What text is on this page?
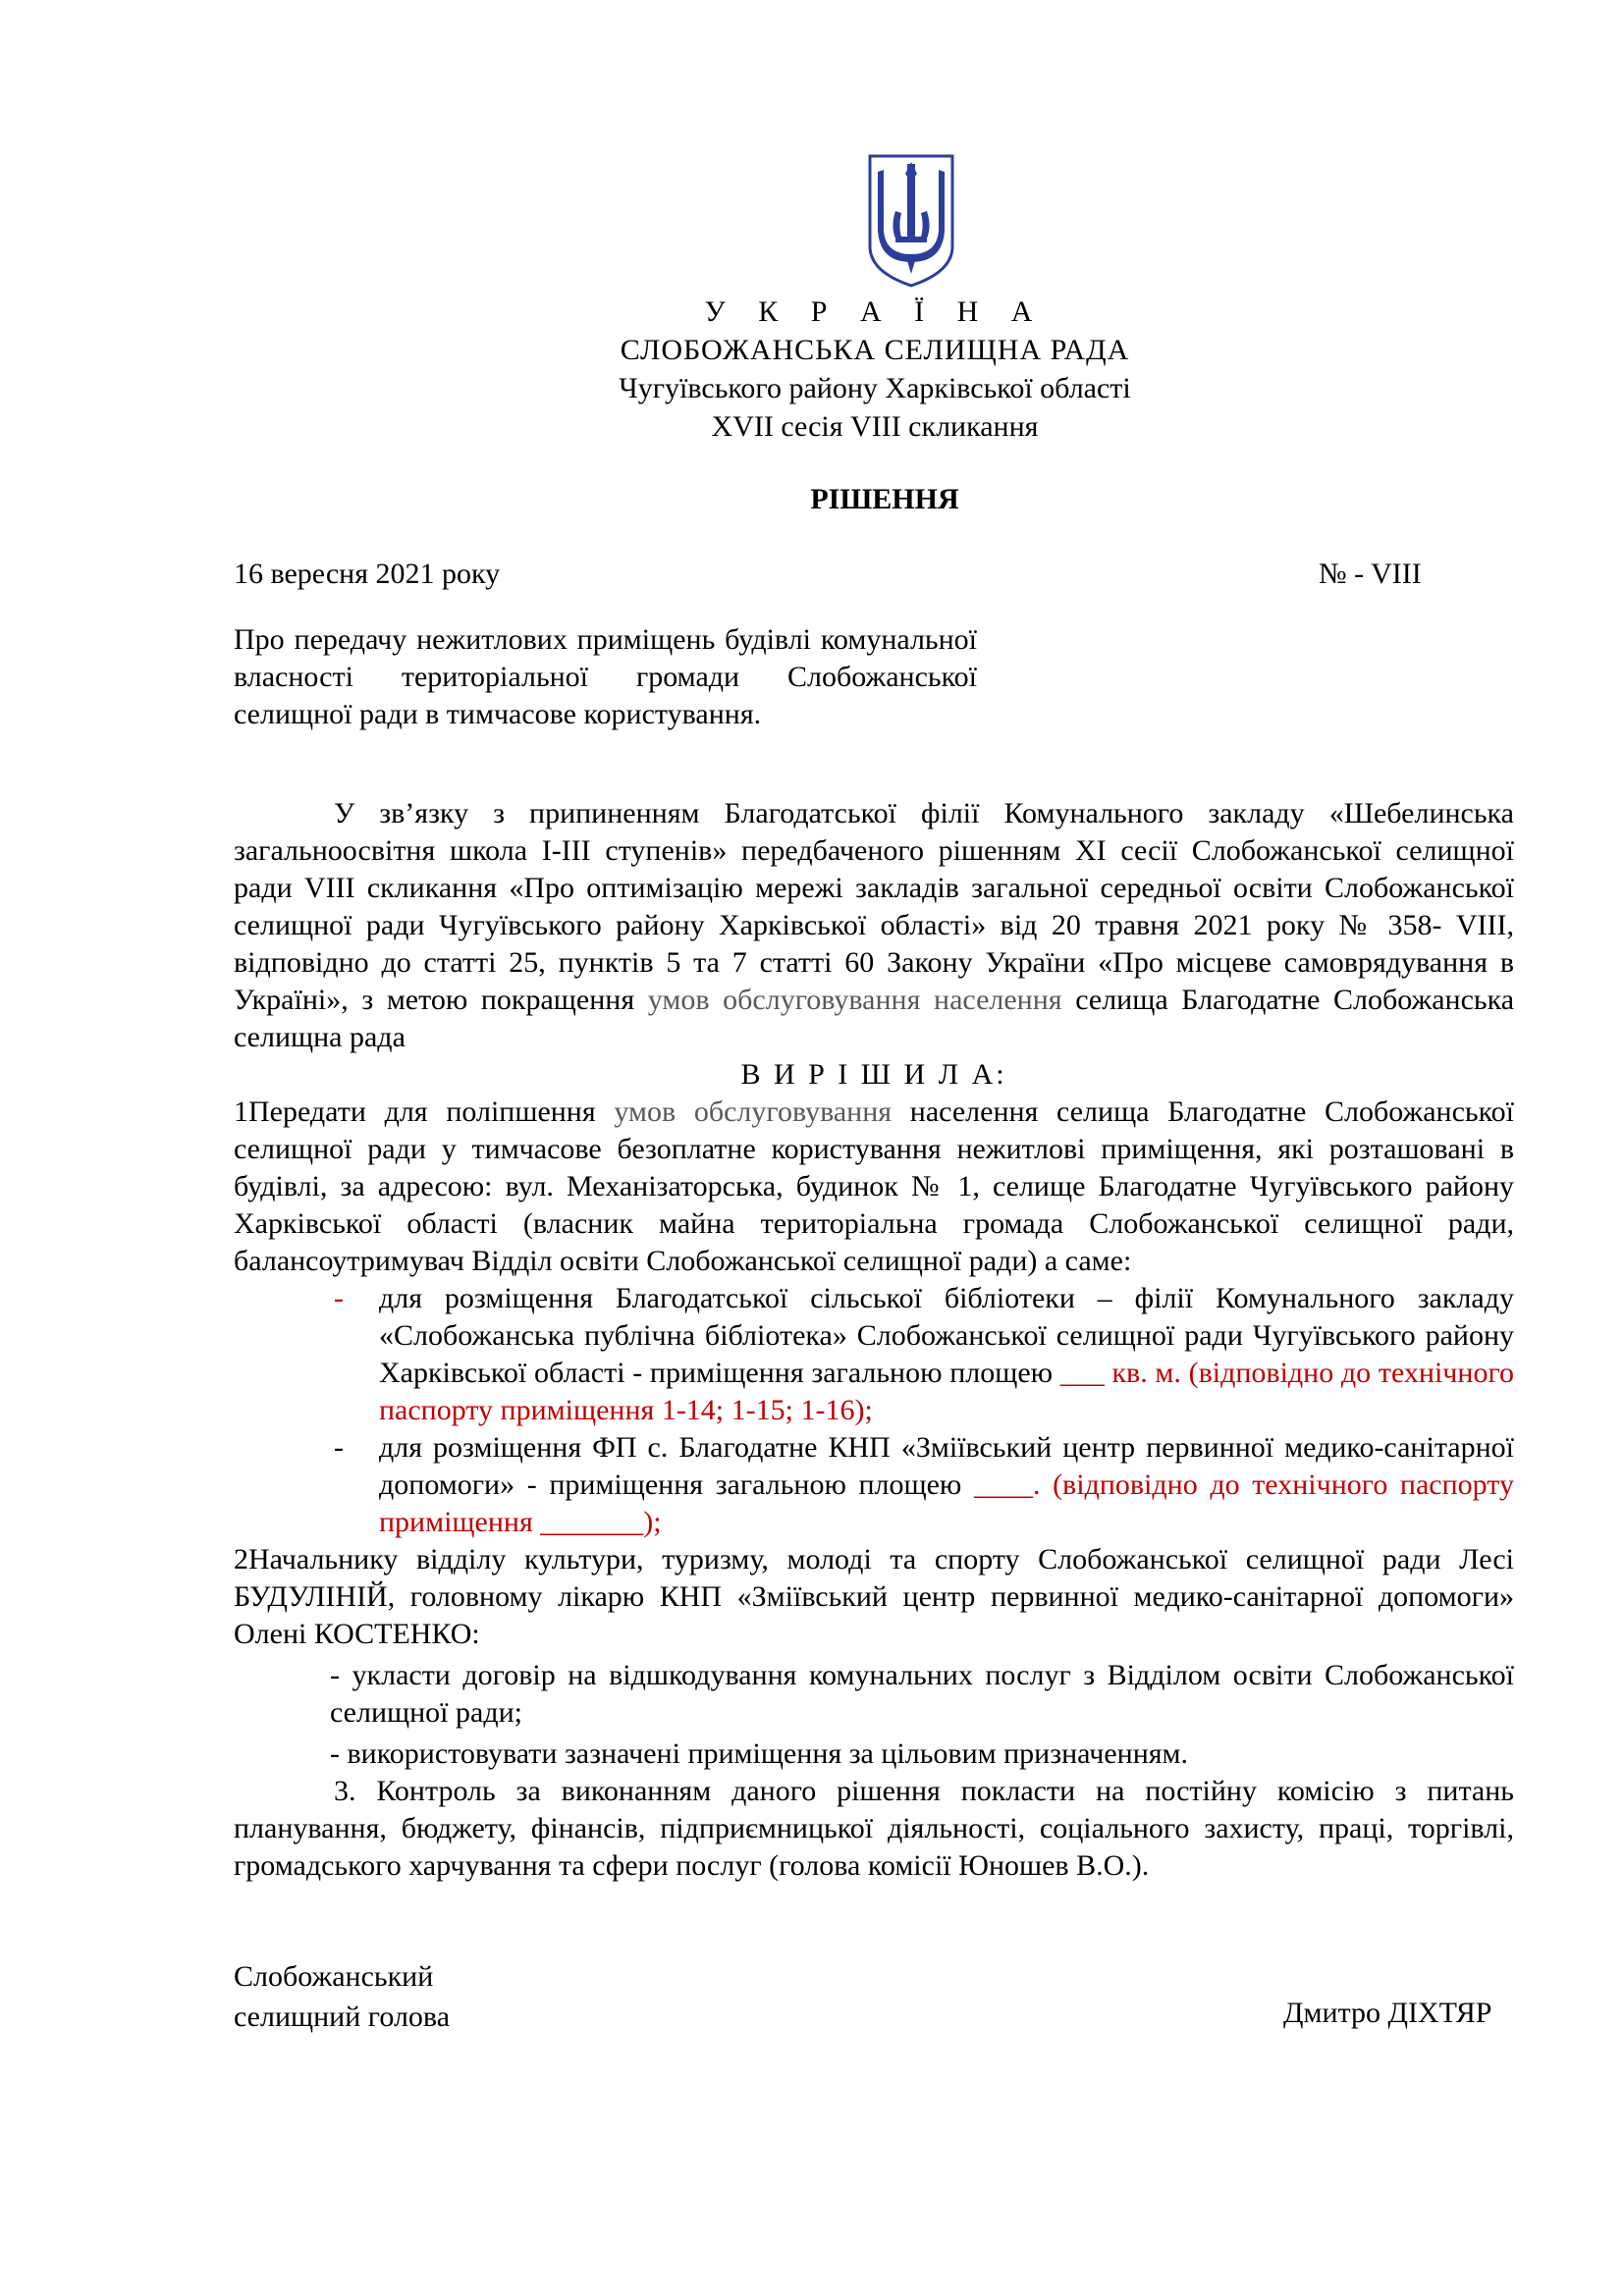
У К Р А Ї Н А
СЛОБОЖАНСЬКА СЕЛИЩНА РАДА
Чугуївського району Харківської області
XVII сесія VIII скликання
РІШЕННЯ
16 вересня 2021 року	№ - VIII
Про передачу нежитлових приміщень будівлі комунальної власності територіальної громади Слобожанської селищної ради в тимчасове користування.

У зв’язку з припиненням Благодатської філії Комунального закладу «Шебелинська загальноосвітня школа І-ІІІ ступенів» передбаченого рішенням ХІ сесії Слобожанської селищної ради VIII скликання «Про оптимізацію мережі закладів загальної середньої освіти Слобожанської селищної ради Чугуївського району Харківської області» від 20 травня 2021 року № 358- VIII, відповідно до статті 25, пунктів 5 та 7 статті 60 Закону України «Про місцеве самоврядування в Україні», з метою покращення умов обслуговування населення селища Благодатне Слобожанська селищна рада

В И Р І Ш И Л А:

1Передати для поліпшення умов обслуговування населення селища Благодатне Слобожанської селищної ради у тимчасове безоплатне користування нежитлові приміщення, які розташовані в будівлі, за адресою: вул. Механізаторська, будинок № 1, селище Благодатне Чугуївського району Харківської області (власник майна територіальна громада Слобожанської селищної ради, балансоутримувач Відділ освіти Слобожанської селищної ради) а саме:

- для розміщення Благодатської сільської бібліотеки – філії Комунального закладу «Слобожанська публічна бібліотека» Слобожанської селищної ради Чугуївського району Харківської області - приміщення загальною площею ___ кв. м. (відповідно до технічного паспорту приміщення 1-14; 1-15; 1-16);

- для розміщення ФП с. Благодатне КНП «Зміївський центр первинної медико-санітарної допомоги» - приміщення загальною площею ____. (відповідно до технічного паспорту приміщення _______);

2Начальнику відділу культури, туризму, молоді та спорту Слобожанської селищної ради Лесі БУДУЛІНІЙ, головному лікарю КНП «Зміївський центр первинної медико-санітарної допомоги» Олені КОСТЕНКО:

- укласти договір на відшкодування комунальних послуг з Відділом освіти Слобожанської селищної ради;

- використовувати зазначені приміщення за цільовим призначенням.

3. Контроль за виконанням даного рішення покласти на постійну комісію з питань планування, бюджету, фінансів, підприємницької діяльності, соціального захисту, праці, торгівлі, громадського харчування та сфери послуг (голова комісії Юношев В.О.).

Слобожанський
селищний голова	Дмитро ДІХТЯР
